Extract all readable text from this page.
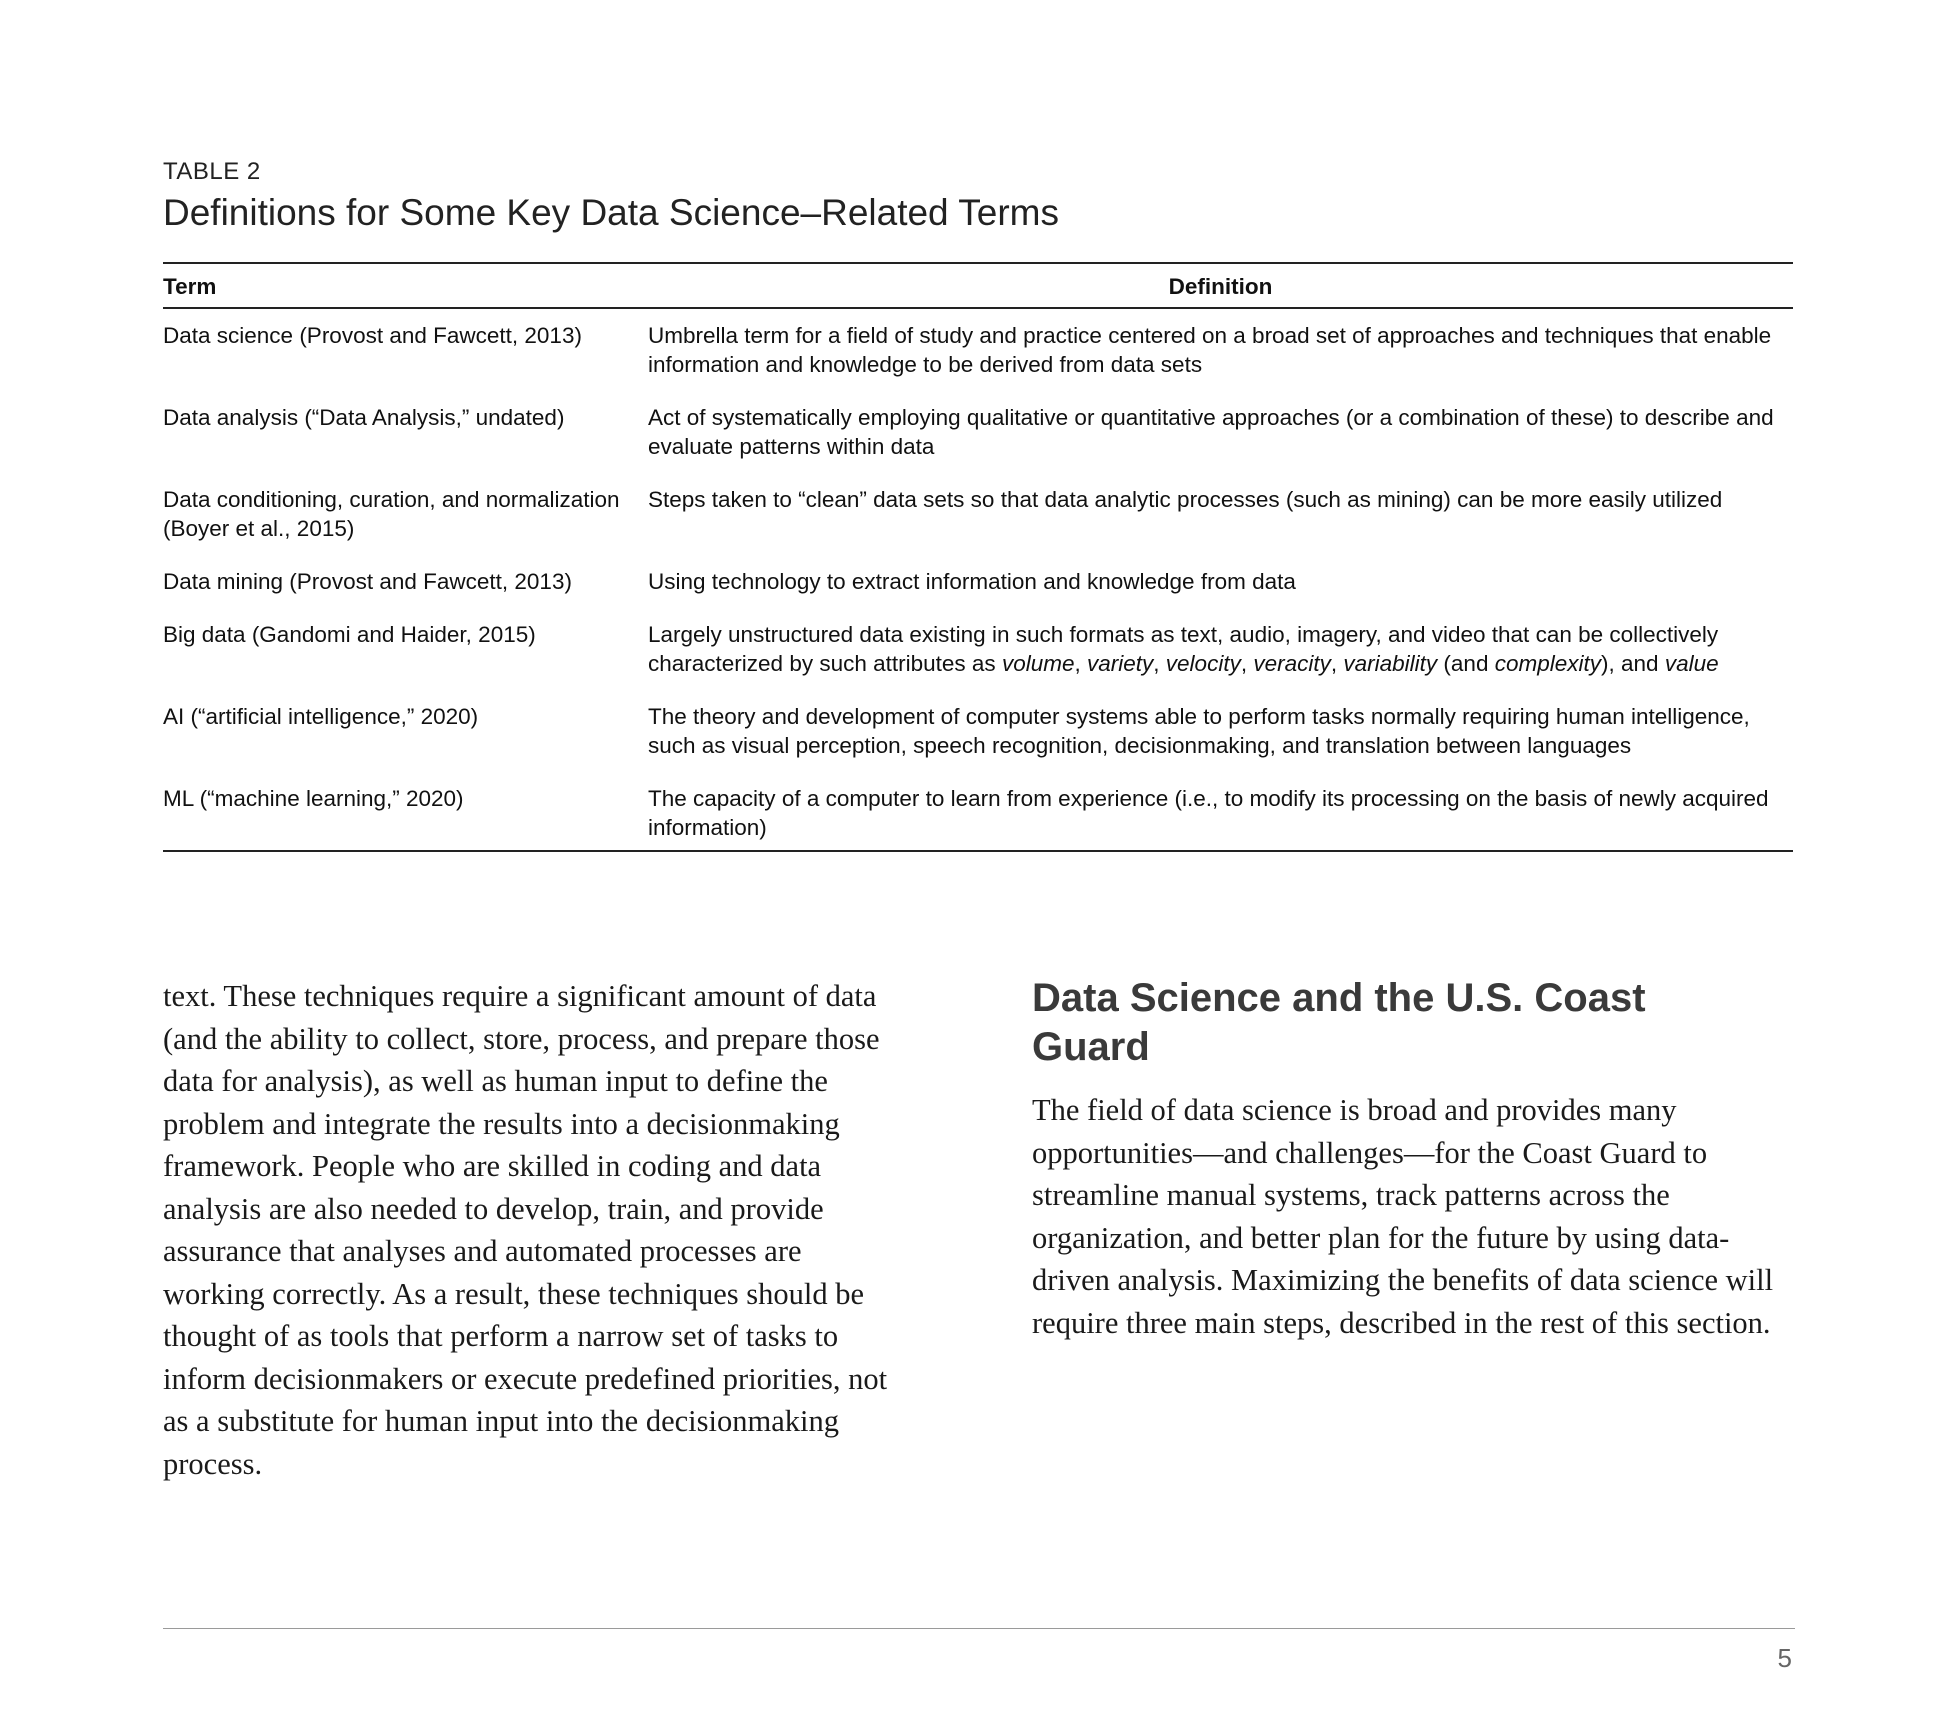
TABLE 2
Definitions for Some Key Data Science–Related Terms
Term	Definition
Data science (Provost and Fawcett, 2013)	Umbrella term for a field of study and practice centered on a broad set of approaches and techniques that enable information and knowledge to be derived from data sets
Data analysis (“Data Analysis,” undated)	Act of systematically employing qualitative or quantitative approaches (or a combination of these) to describe and evaluate patterns within data
Data conditioning, curation, and normalization (Boyer et al., 2015)	Steps taken to “clean” data sets so that data analytic processes (such as mining) can be more easily utilized
Data mining (Provost and Fawcett, 2013)	Using technology to extract information and knowledge from data
Big data (Gandomi and Haider, 2015)	Largely unstructured data existing in such formats as text, audio, imagery, and video that can be collectively characterized by such attributes as volume, variety, velocity, veracity, variability (and complexity), and value
AI (“artificial intelligence,” 2020)	The theory and development of computer systems able to perform tasks normally requiring human intelligence, such as visual perception, speech recognition, decisionmaking, and translation between languages
ML (“machine learning,” 2020)	The capacity of a computer to learn from experience (i.e., to modify its processing on the basis of newly acquired information)

text. These techniques require a significant amount of data (and the ability to collect, store, process, and prepare those data for analysis), as well as human input to define the problem and integrate the results into a decisionmaking framework. People who are skilled in coding and data analysis are also needed to develop, train, and provide assurance that analyses and automated processes are working correctly. As a result, these techniques should be thought of as tools that perform a narrow set of tasks to inform decisionmakers or execute predefined priorities, not as a substitute for human input into the decisionmaking process.

Data Science and the U.S. Coast Guard

The field of data science is broad and provides many opportunities—and challenges—for the Coast Guard to streamline manual systems, track patterns across the organization, and better plan for the future by using data-driven analysis. Maximizing the benefits of data science will require three main steps, described in the rest of this section.

5
